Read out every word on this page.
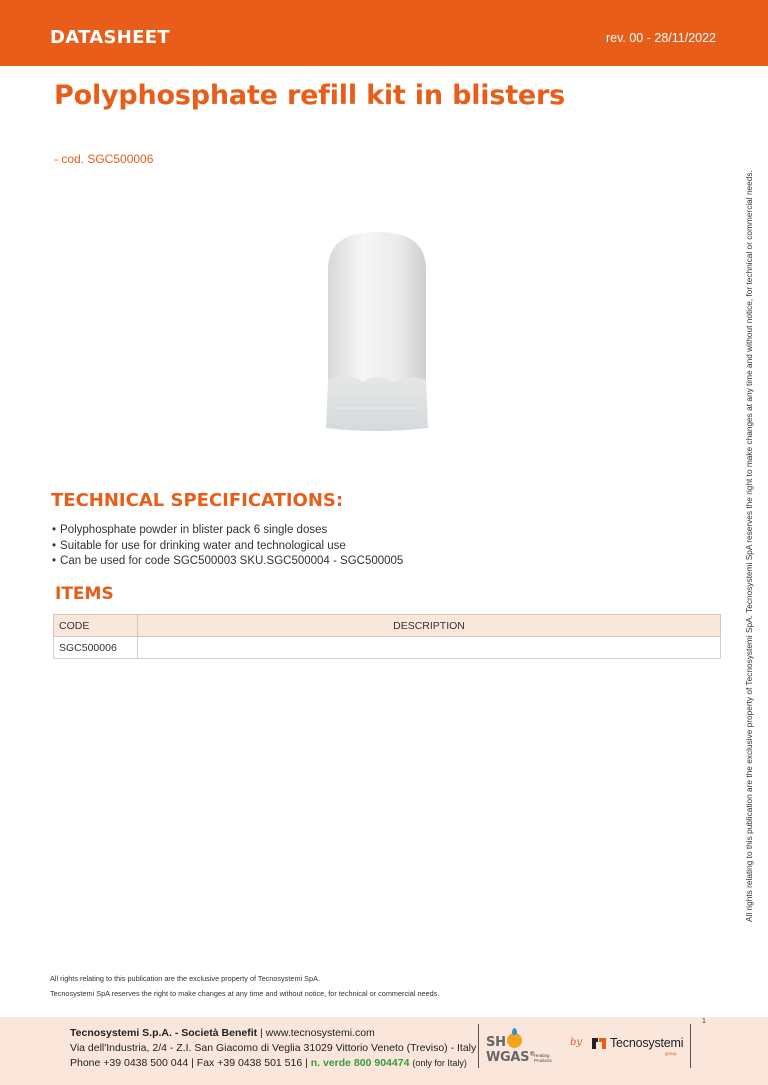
DATASHEET	rev. 00 - 28/11/2022
Polyphosphate refill kit in blisters
- cod. SGC500006
All rights relating to this publication are the exclusive property of Tecnosystemi SpA. Tecnosystemi SpA reserves the right to make changes at any time and without notice, for technical or commercial needs.
TECHNICAL SPECIFICATIONS:
• Polyphosphate powder in blister pack 6 single doses
• Suitable for use for drinking water and technological use
• Can be used for code SGC500003 SKU.SGC500004 - SGC500005
ITEMS
CODE	DESCRIPTION
SGC500006	
All rights relating to this publication are the exclusive property of Tecnosystemi SpA.
Tecnosystemi SpA reserves the right to make changes at any time and without notice, for technical or commercial needs.
Tecnosystemi S.p.A. - Società Benefit | www.tecnosystemi.com
Via dell'Industria, 2/4 - Z.I. San Giacomo di Veglia 31029 Vittorio Veneto (Treviso) - Italy
Phone +39 0438 500 044 | Fax +39 0438 501 516 | n. verde 800 904474 (only for Italy)
1
SHWGAS® Heating Products
by Tecnosystemi
group
